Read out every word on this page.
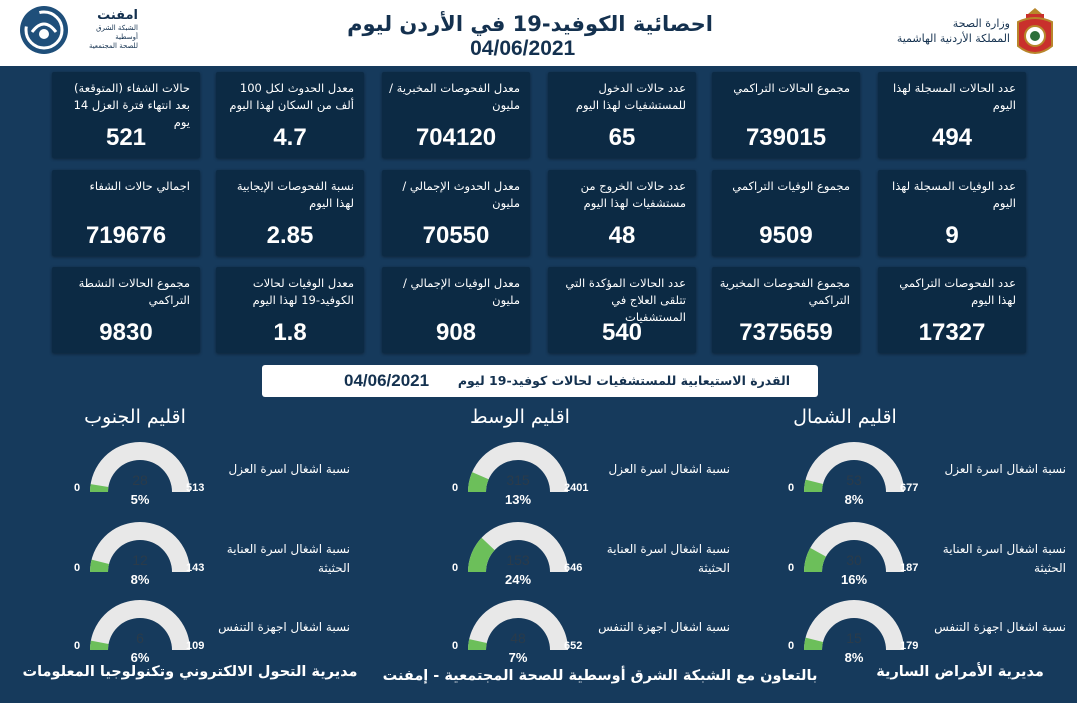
امفنت
الشبكة الشرق أوسطية
للصحة المجتمعية
احصائية الكوفيد-19 في الأردن ليوم   04/06/2021
وزارة الصحة
المملكة الأردنية الهاشمية
عدد الحالات المسجلة لهذا اليوم
494
مجموع الحالات التراكمي
739015
عدد حالات الدخول للمستشفيات لهذا اليوم
65
معدل الفحوصات المخبرية /مليون
704120
معدل الحدوث لكل 100 ألف من السكان لهذا اليوم
4.7
حالات الشفاء (المتوقعة) بعد انتهاء فترة العزل 14 يوم
521
عدد الوفيات المسجلة لهذا اليوم
9
مجموع الوفيات التراكمي
9509
عدد حالات الخروج من مستشفيات لهذا اليوم
48
معدل الحدوث الإجمالي /مليون
70550
نسبة الفحوصات الإيجابية لهذا اليوم
2.85
اجمالي حالات الشفاء
719676
عدد الفحوصات التراكمي لهذا اليوم
17327
مجموع الفحوصات المخبرية التراكمي
7375659
عدد الحالات المؤكدة التي تتلقى العلاج في المستشفيات
540
معدل الوفيات الإجمالي /مليون
908
معدل الوفيات لحالات الكوفيد-19 لهذا اليوم
1.8
مجموع الحالات النشطة التراكمي
9830
04/06/2021 القدرة الاستيعابية للمستشفيات لحالات كوفيد-19 ليوم
اقليم الشمال
اقليم الوسط
اقليم الجنوب
0	677
53
8%
نسبة اشغال اسرة العزل
0	187
30
16%
نسبة اشغال اسرة العناية الحثيثة
0	179
15
8%
نسبة اشغال اجهزة التنفس
0	2401
315
13%
نسبة اشغال اسرة العزل
0	646
153
24%
نسبة اشغال اسرة العناية الحثيثة
0	652
48
7%
نسبة اشغال اجهزة التنفس
0	513
28
5%
نسبة اشغال اسرة العزل
0	143
12
8%
نسبة اشغال اسرة العناية الحثيثة
0	109
6
6%
نسبة اشغال اجهزة التنفس
مديرية الأمراض السارية
بالتعاون مع الشبكة الشرق أوسطية للصحة المجتمعية - إمفنت
مديرية التحول الالكتروني وتكنولوجيا المعلومات
